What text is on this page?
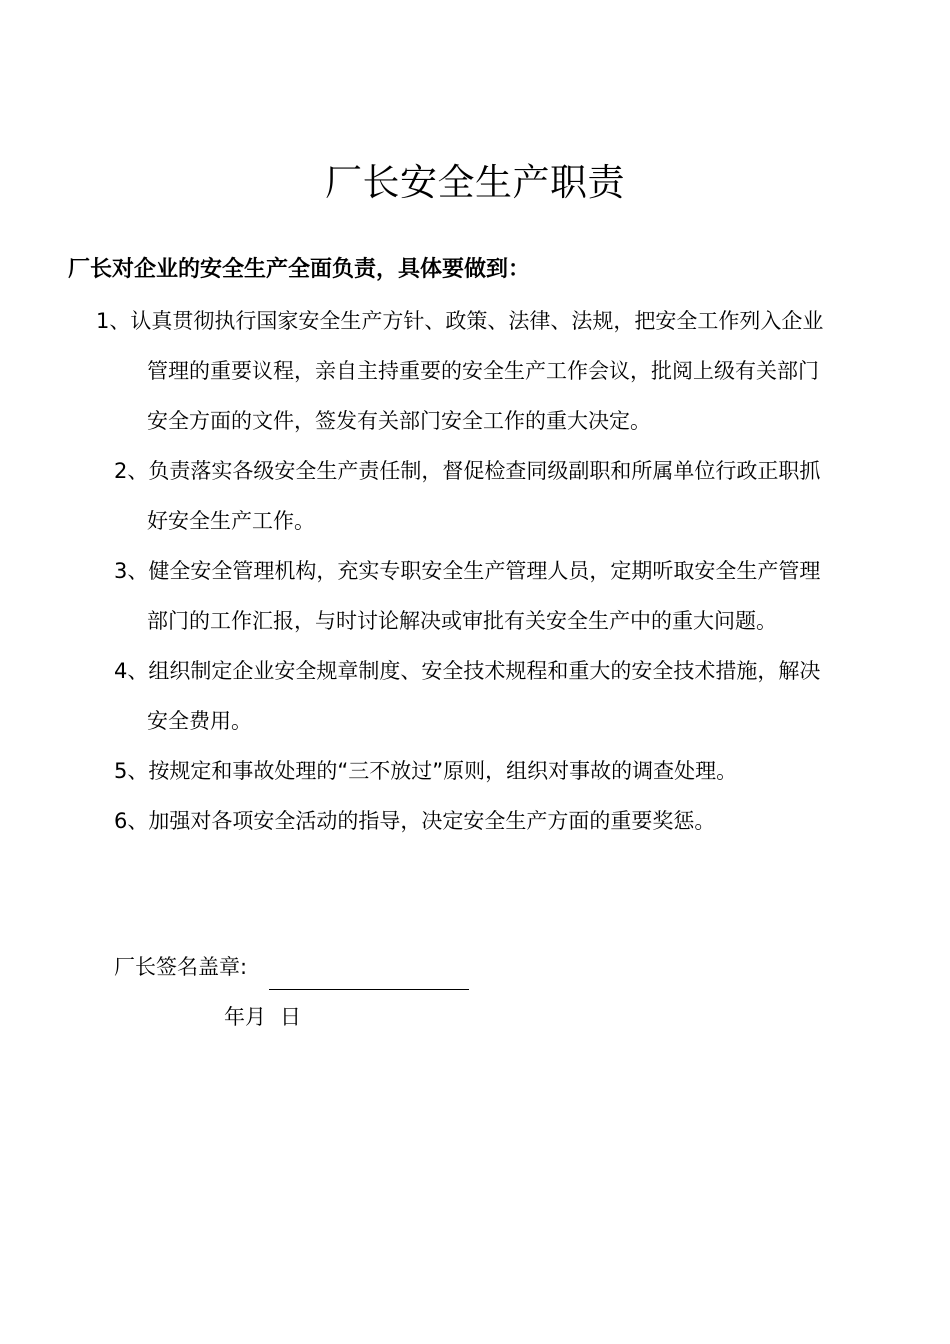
厂长安全生产职责
厂长对企业的安全生产全面负责，具体要做到：
1、认真贯彻执行国家安全生产方针、政策、法律、法规，把安全工作列入企业
管理的重要议程，亲自主持重要的安全生产工作会议，批阅上级有关部门
安全方面的文件，签发有关部门安全工作的重大决定。
2、负责落实各级安全生产责任制，督促检查同级副职和所属单位行政正职抓
好安全生产工作。
3、健全安全管理机构，充实专职安全生产管理人员，定期听取安全生产管理
部门的工作汇报，与时讨论解决或审批有关安全生产中的重大问题。
4、组织制定企业安全规章制度、安全技术规程和重大的安全技术措施，解决
安全费用。
5、按规定和事故处理的“三不放过”原则，组织对事故的调查处理。
6、加强对各项安全活动的指导，决定安全生产方面的重要奖惩。
厂长签名盖章:
年月 日
